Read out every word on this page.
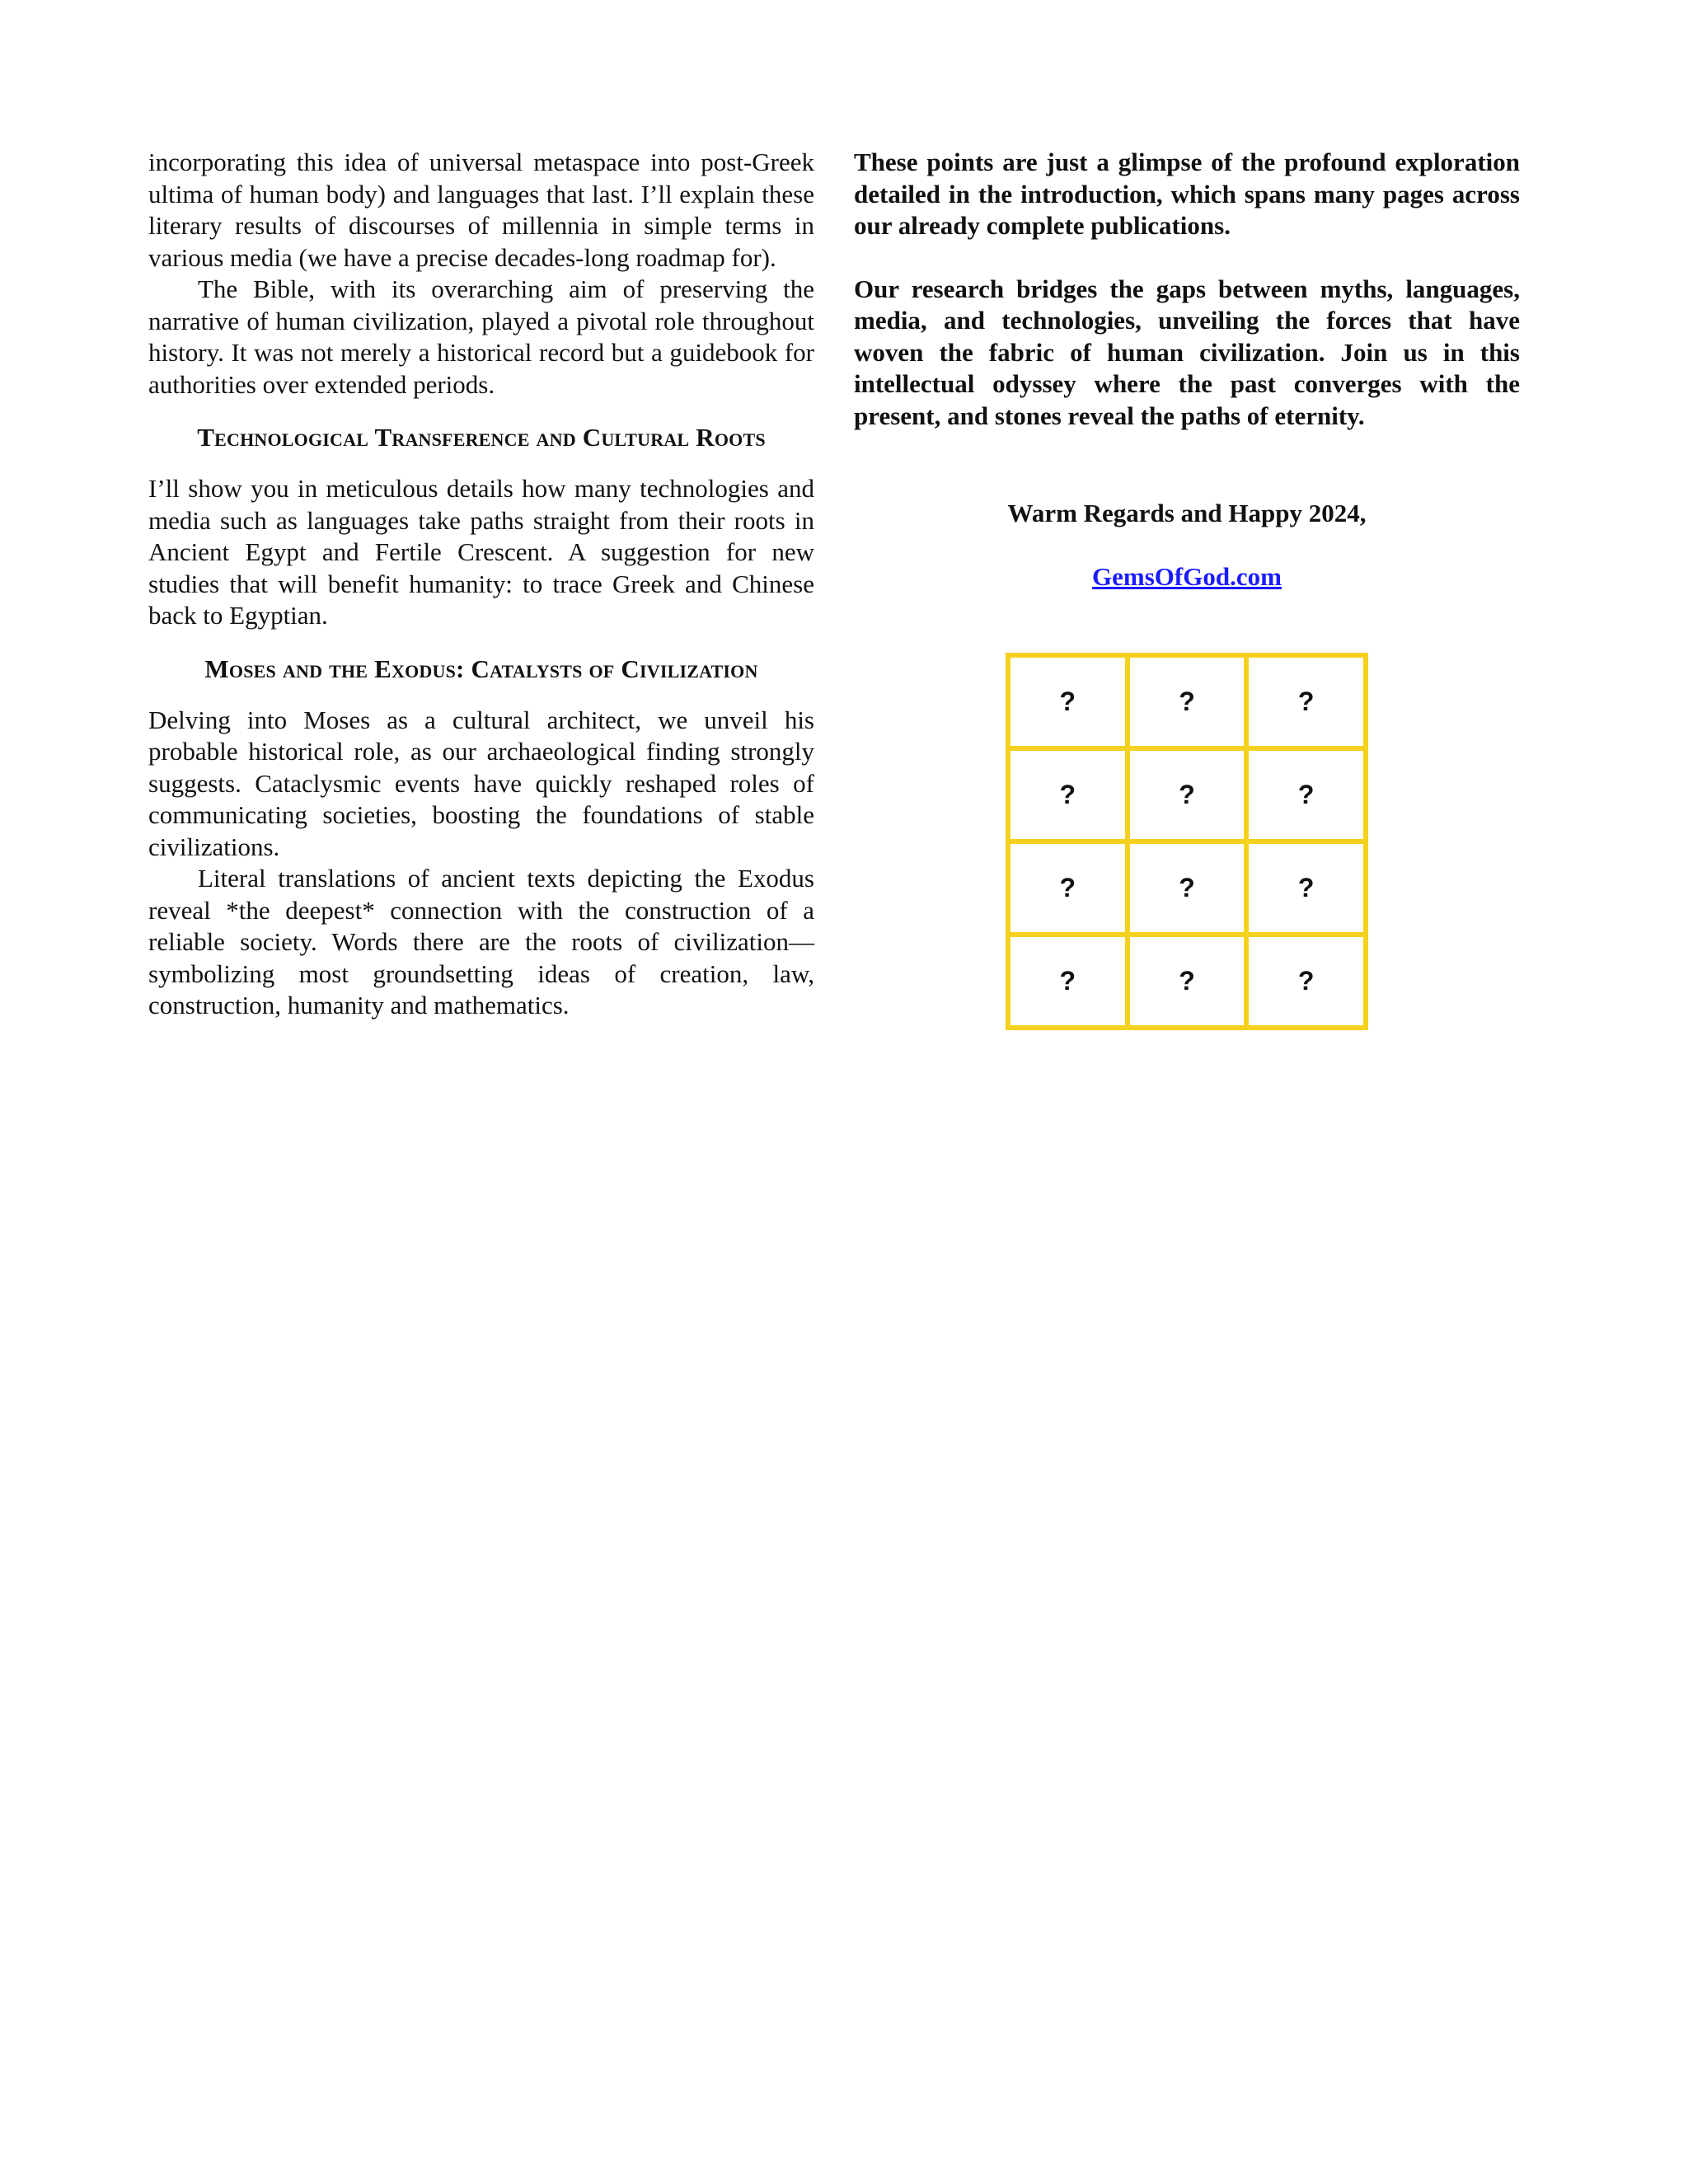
incorporating this idea of universal metaspace into post-Greek ultima of human body) and languages that last. I’ll explain these literary results of discourses of millennia in simple terms in various media (we have a precise decades-long roadmap for).

The Bible, with its overarching aim of preserving the narrative of human civilization, played a pivotal role throughout history. It was not merely a historical record but a guidebook for authorities over extended periods.

Technological Transference and Cultural Roots

I’ll show you in meticulous details how many technologies and media such as languages take paths straight from their roots in Ancient Egypt and Fertile Crescent. A suggestion for new studies that will benefit humanity: to trace Greek and Chinese back to Egyptian.

Moses and the Exodus: Catalysts of Civilization

Delving into Moses as a cultural architect, we unveil his probable historical role, as our archaeological finding strongly suggests. Cataclysmic events have quickly reshaped roles of communicating societies, boosting the foundations of stable civilizations.

Literal translations of ancient texts depicting the Exodus reveal *the deepest* connection with the construction of a reliable society. Words there are the roots of civilization—symbolizing most groundsetting ideas of creation, law, construction, humanity and mathematics.

These points are just a glimpse of the profound exploration detailed in the introduction, which spans many pages across our already complete publications.

Our research bridges the gaps between myths, languages, media, and technologies, unveiling the forces that have woven the fabric of human civilization. Join us in this intellectual odyssey where the past converges with the present, and stones reveal the paths of eternity.

Warm Regards and Happy 2024,

GemsOfGod.com
?	?	?
?	?	?
?	?	?
?	?	?
